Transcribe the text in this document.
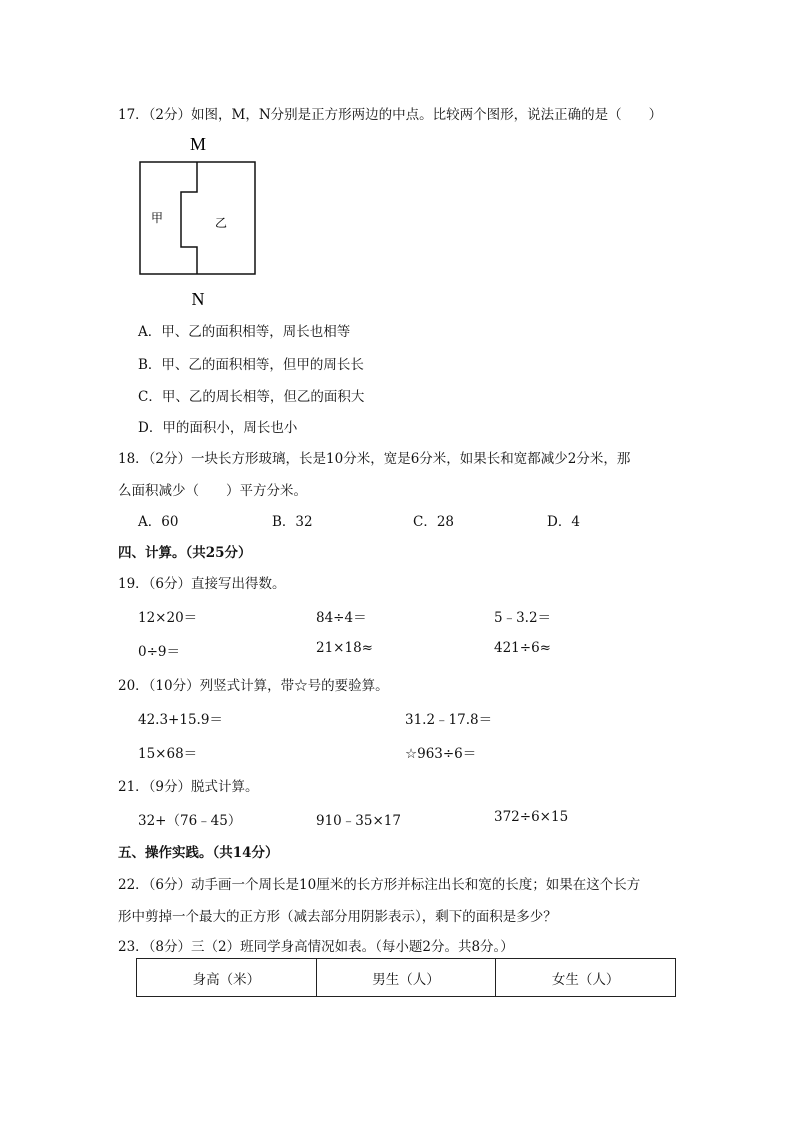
17．（2分）如图，M，N分别是正方形两边的中点。比较两个图形，说法正确的是（　　）
M
N
甲	乙
A．甲、乙的面积相等，周长也相等
B．甲、乙的面积相等，但甲的周长长
C．甲、乙的周长相等，但乙的面积大
D．甲的面积小，周长也小
18．（2分）一块长方形玻璃，长是10分米，宽是6分米，如果长和宽都减少2分米，那
么面积减少（　　）平方分米。
A．60	B．32	C．28	D．4
四、计算。（共25分）
19．（6分）直接写出得数。
12×20＝	84÷4＝	5﹣3.2＝
0÷9＝	21×18≈	421÷6≈
20．（10分）列竖式计算，带☆号的要验算。
42.3+15.9＝	31.2﹣17.8＝
15×68＝	☆963÷6＝
21．（9分）脱式计算。
32+（76﹣45）	910﹣35×17	372÷6×15
五、操作实践。（共14分）
22．（6分）动手画一个周长是10厘米的长方形并标注出长和宽的长度；如果在这个长方
形中剪掉一个最大的正方形（减去部分用阴影表示），剩下的面积是多少？
23．（8分）三（2）班同学身高情况如表。（每小题2分。共8分。）
身高（米）	男生（人）	女生（人）
